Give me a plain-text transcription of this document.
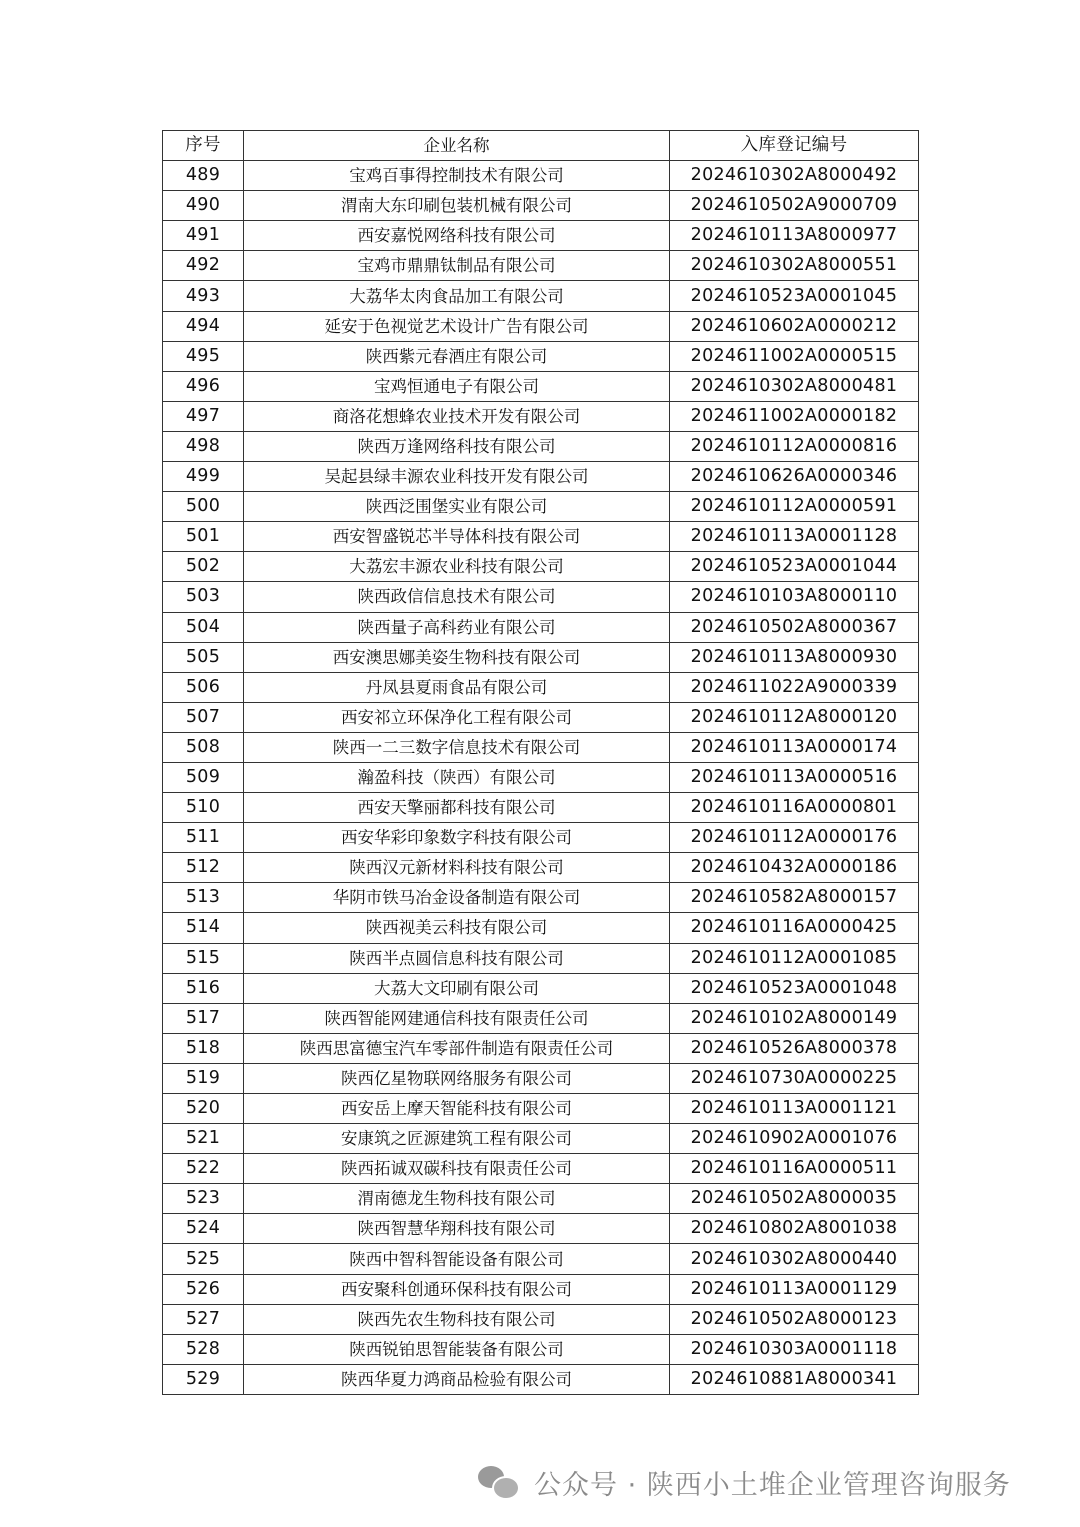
序号	企业名称	入库登记编号
489	宝鸡百事得控制技术有限公司	2024610302A8000492
490	渭南大东印刷包装机械有限公司	2024610502A9000709
491	西安嘉悦网络科技有限公司	2024610113A8000977
492	宝鸡市鼎鼎钛制品有限公司	2024610302A8000551
493	大荔华太肉食品加工有限公司	2024610523A0001045
494	延安于色视觉艺术设计广告有限公司	2024610602A0000212
495	陕西紫元春酒庄有限公司	2024611002A0000515
496	宝鸡恒通电子有限公司	2024610302A8000481
497	商洛花想蜂农业技术开发有限公司	2024611002A0000182
498	陕西万逢网络科技有限公司	2024610112A0000816
499	吴起县绿丰源农业科技开发有限公司	2024610626A0000346
500	陕西泛围堡实业有限公司	2024610112A0000591
501	西安智盛锐芯半导体科技有限公司	2024610113A0001128
502	大荔宏丰源农业科技有限公司	2024610523A0001044
503	陕西政信信息技术有限公司	2024610103A8000110
504	陕西量子高科药业有限公司	2024610502A8000367
505	西安澳思娜美姿生物科技有限公司	2024610113A8000930
506	丹凤县夏雨食品有限公司	2024611022A9000339
507	西安祁立环保净化工程有限公司	2024610112A8000120
508	陕西一二三数字信息技术有限公司	2024610113A0000174
509	瀚盈科技（陕西）有限公司	2024610113A0000516
510	西安天擎丽都科技有限公司	2024610116A0000801
511	西安华彩印象数字科技有限公司	2024610112A0000176
512	陕西汉元新材料科技有限公司	2024610432A0000186
513	华阴市铁马冶金设备制造有限公司	2024610582A8000157
514	陕西视美云科技有限公司	2024610116A0000425
515	陕西半点圆信息科技有限公司	2024610112A0001085
516	大荔大文印刷有限公司	2024610523A0001048
517	陕西智能网建通信科技有限责任公司	2024610102A8000149
518	陕西思富德宝汽车零部件制造有限责任公司	2024610526A8000378
519	陕西亿星物联网络服务有限公司	2024610730A0000225
520	西安岳上摩天智能科技有限公司	2024610113A0001121
521	安康筑之匠源建筑工程有限公司	2024610902A0001076
522	陕西拓诚双碳科技有限责任公司	2024610116A0000511
523	渭南德龙生物科技有限公司	2024610502A8000035
524	陕西智慧华翔科技有限公司	2024610802A8001038
525	陕西中智科智能设备有限公司	2024610302A8000440
526	西安聚科创通环保科技有限公司	2024610113A0001129
527	陕西先农生物科技有限公司	2024610502A8000123
528	陕西锐铂思智能装备有限公司	2024610303A0001118
529	陕西华夏力鸿商品检验有限公司	2024610881A8000341
公众号 · 陕西小土堆企业管理咨询服务
